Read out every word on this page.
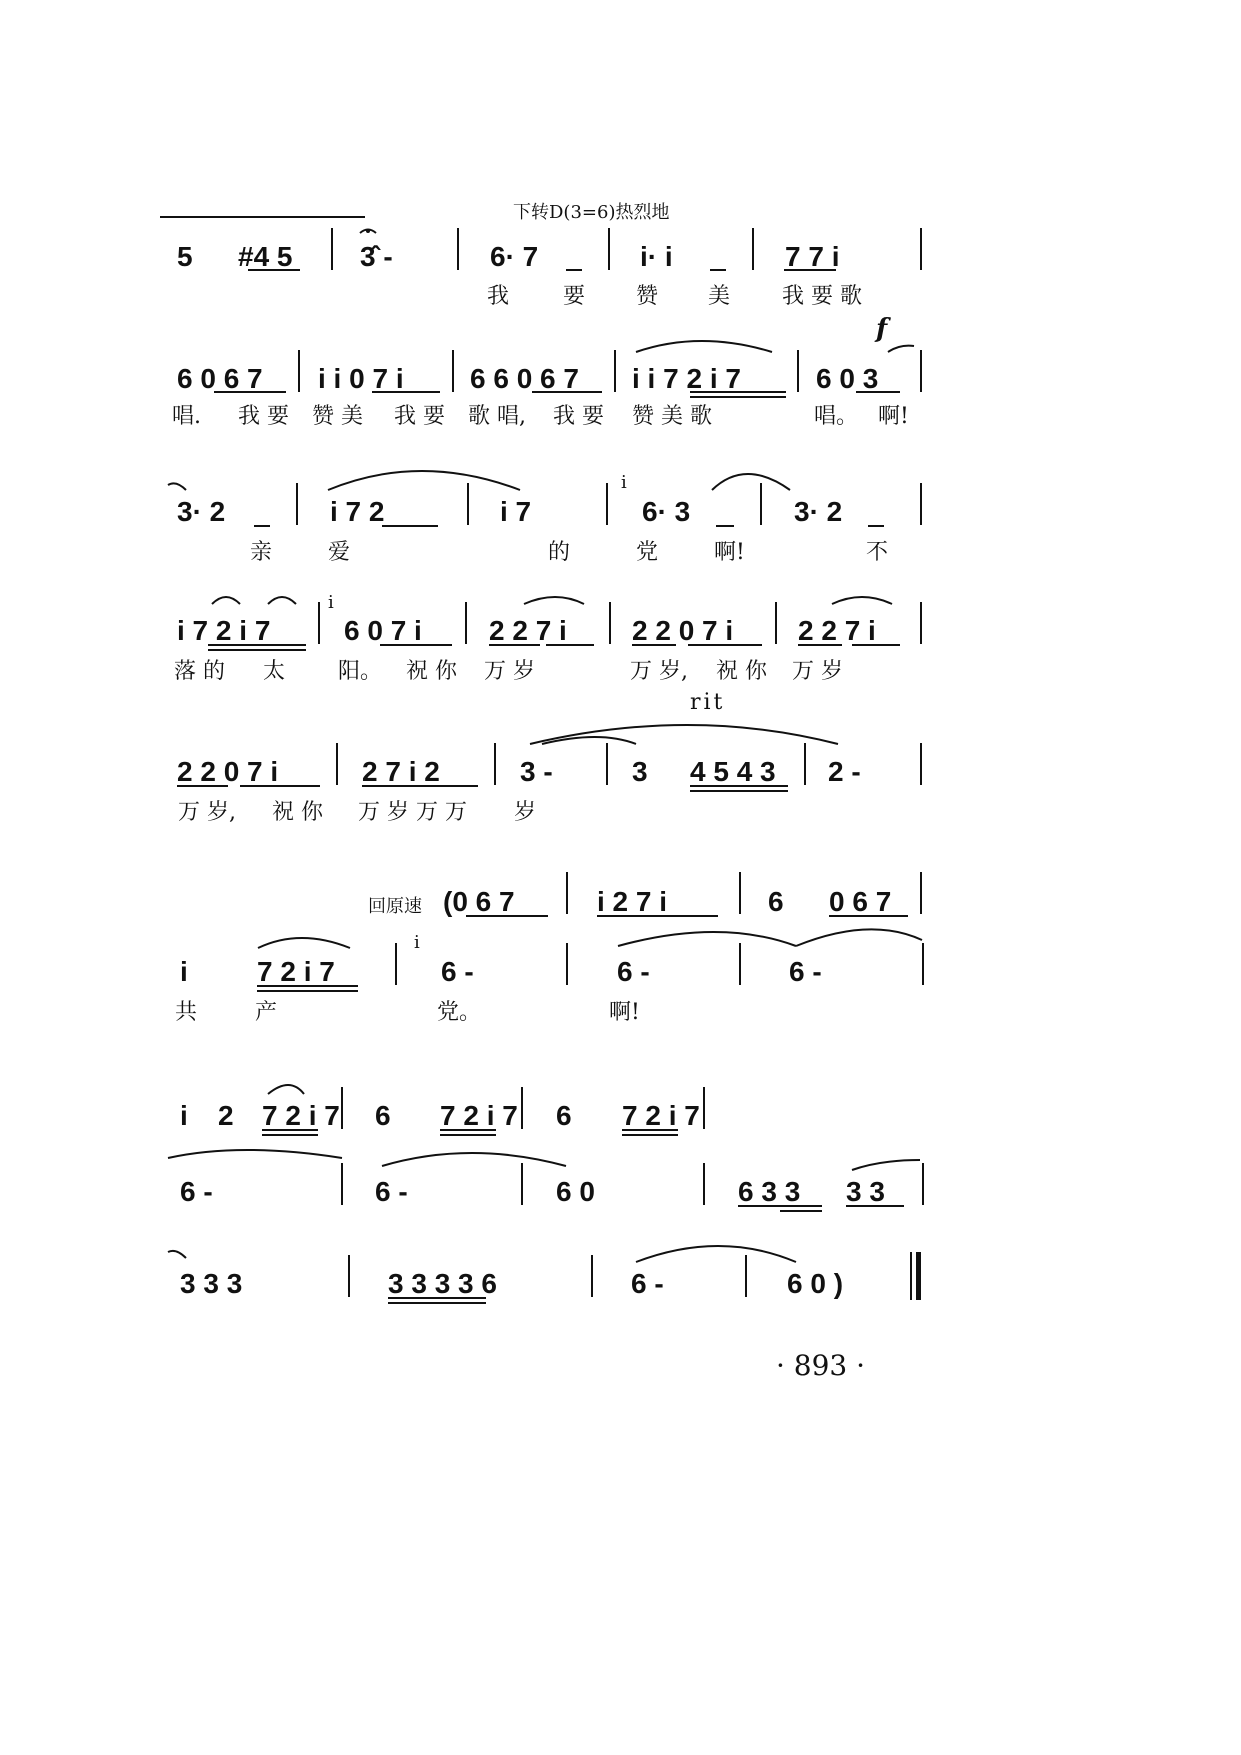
下转D(3=6)热烈地
5 #4 5 3̂ -	6· 7	i· i	7 7 i
我 要 赞 美 我 要 歌
f
6 0 6 7 i i 0 7 i 6 6 0 6 7 i i 7 2 i 7	6 0 3
唱. 我 要 赞 美 我 要 歌 唱, 我 要 赞 美 歌	唱。 啊!
3· 2	i 7 2	i 7
i
6· 3	3· 2
亲	爱	的	党	啊!	不
i 7 2 i 7
i
6 0 7 i 2 2 7 i 2 2 0 7 i 2 2 7 i
落 的 太 阳。 祝 你 万 岁	万 岁, 祝 你 万 岁
rit
2 2 0 7 i	2 7 i 2	3 -	3 4 5 4 3 2 -
万 岁, 祝 你 万 岁 万 万 岁
回原速 (0 6 7	i 2 7 i	6 0 6 7
i 7 2 i 7
i
6 -	6 -	6 -
共	产	党。	啊!
i 2 7 2 i 7 6 7 2 i 7 6 7 2 i 7
6 -	6 -	6 0	6 3 3 3 3
3 3 3	3 3 3 3 6	6 -	6 0 )
· 893 ·
